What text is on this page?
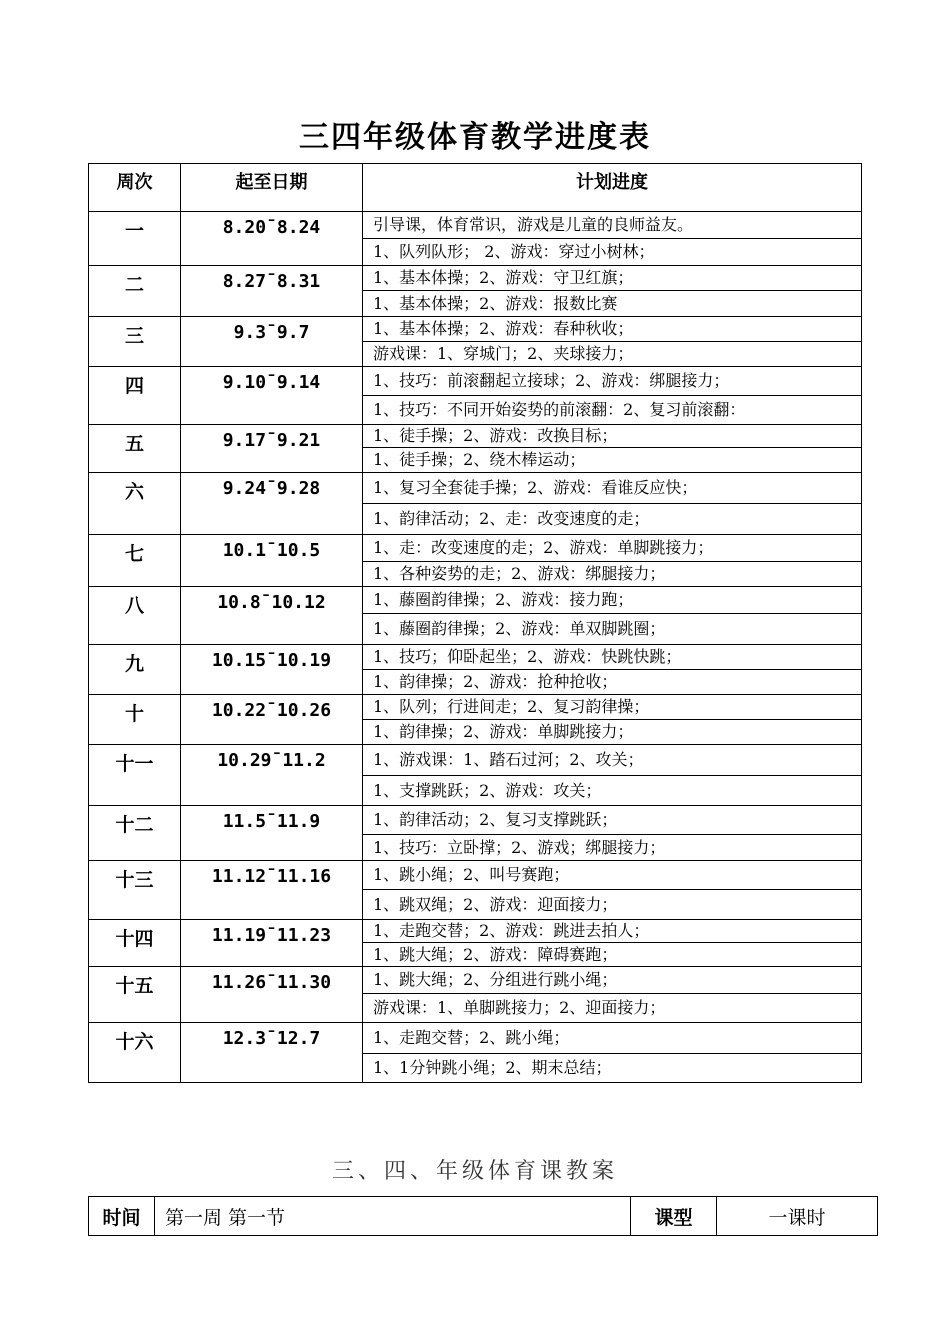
三四年级体育教学进度表
周次	起至日期	计划进度
一	8.20¯8.24	引导课，体育常识，游戏是儿童的良师益友。
		1、队列队形； 2、游戏：穿过小树林；
二	8.27¯8.31	1、基本体操；2、游戏：守卫红旗；
		1、基本体操；2、游戏：报数比赛
三	9.3¯9.7	1、基本体操；2、游戏：春种秋收；
		游戏课：1、穿城门；2、夹球接力；
四	9.10¯9.14	1、技巧：前滚翻起立接球；2、游戏：绑腿接力；
		1、技巧：不同开始姿势的前滚翻：2、复习前滚翻：
五	9.17¯9.21	1、徒手操；2、游戏：改换目标；
		1、徒手操；2、绕木棒运动；
六	9.24¯9.28	1、复习全套徒手操；2、游戏：看谁反应快；
		1、韵律活动；2、走：改变速度的走；
七	10.1¯10.5	1、走：改变速度的走；2、游戏：单脚跳接力；
		1、各种姿势的走；2、游戏：绑腿接力；
八	10.8¯10.12	1、藤圈韵律操；2、游戏：接力跑；
		1、藤圈韵律操；2、游戏：单双脚跳圈；
九	10.15¯10.19	1、技巧；仰卧起坐；2、游戏：快跳快跳；
		1、韵律操；2、游戏：抢种抢收；
十	10.22¯10.26	1、队列；行进间走；2、复习韵律操；
		1、韵律操；2、游戏：单脚跳接力；
十一	10.29¯11.2	1、游戏课：1、踏石过河；2、攻关；
		1、支撑跳跃；2、游戏：攻关；
十二	11.5¯11.9	1、韵律活动；2、复习支撑跳跃；
		1、技巧：立卧撑；2、游戏；绑腿接力；
十三	11.12¯11.16	1、跳小绳；2、叫号赛跑；
		1、跳双绳；2、游戏：迎面接力；
十四	11.19¯11.23	1、走跑交替；2、游戏：跳进去拍人；
		1、跳大绳；2、游戏：障碍赛跑；
十五	11.26¯11.30	1、跳大绳；2、分组进行跳小绳；
		游戏课：1、单脚跳接力；2、迎面接力；
十六	12.3¯12.7	1、走跑交替；2、跳小绳；
		1、1分钟跳小绳；2、期末总结；
三、四、年级体育课教案
时间	第一周 第一节	课型	一课时
